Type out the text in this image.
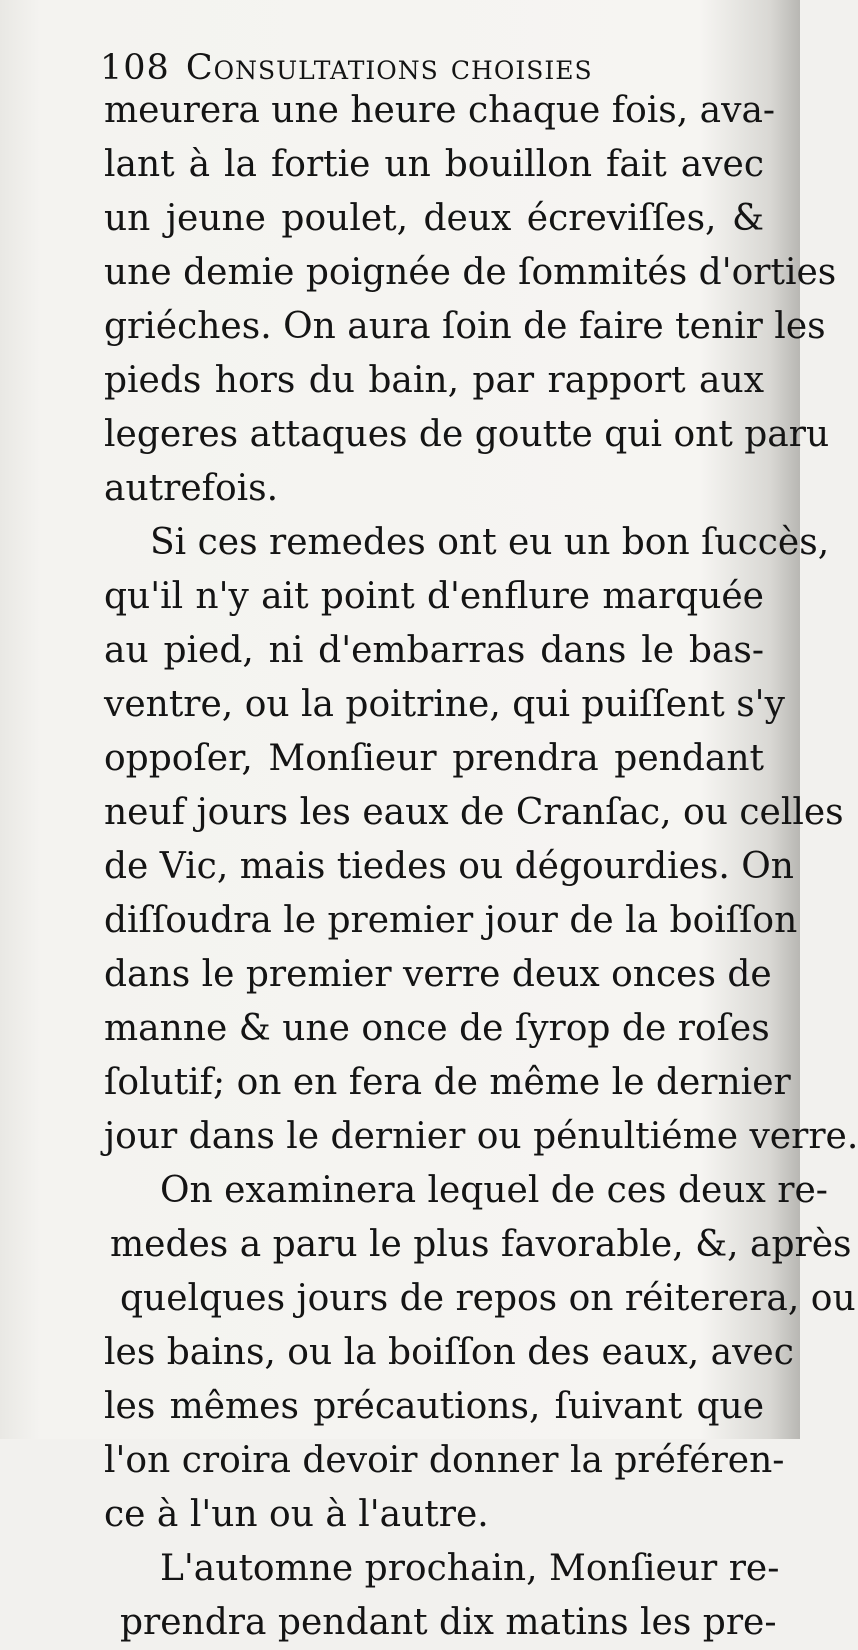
108 Consultations choisies
meurera une heure chaque fois, ava-
lant à la fortie un bouillon fait avec
un jeune poulet, deux écreviſſes, &
une demie poignée de ſommités d'orties
griéches. On aura ſoin de faire tenir les
pieds hors du bain, par rapport aux
legeres attaques de goutte qui ont paru
autrefois.
Si ces remedes ont eu un bon ſuccès,
qu'il n'y ait point d'enflure marquée
au pied, ni d'embarras dans le bas-
ventre, ou la poitrine, qui puiſſent s'y
oppoſer, Monſieur prendra pendant
neuf jours les eaux de Cranſac, ou celles
de Vic, mais tiedes ou dégourdies. On
diſſoudra le premier jour de la boiſſon
dans le premier verre deux onces de
manne & une once de ſyrop de roſes
ſolutif; on en fera de même le dernier
jour dans le dernier ou pénultiéme verre.
On examinera lequel de ces deux re-
medes a paru le plus favorable, &, après
quelques jours de repos on réiterera, ou
les bains, ou la boiſſon des eaux, avec
les mêmes précautions, ſuivant que
l'on croira devoir donner la préféren-
ce à l'un ou à l'autre.
L'automne prochain, Monſieur re-
prendra pendant dix matins les pre-
